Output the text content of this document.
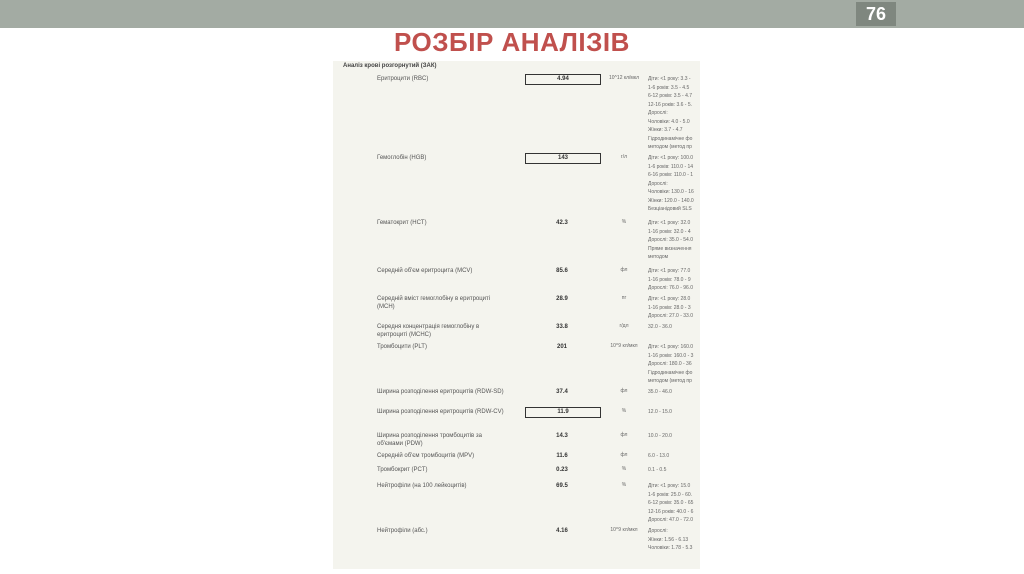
76
РОЗБІР АНАЛІЗІВ
Аналіз крові розгорнутий (ЗАК)
Еритроцити (RBC)	4.94	10^12 кл/мкл Діти: <1 року: 3.3 -
1-6 років: 3.5 - 4.5
6-12 років: 3.5 - 4.7
12-16 років: 3.6 - 5.
Дорослі:
Чоловіки: 4.0 - 5.0
Жінки: 3.7 - 4.7
Гідродинамічне фо
методом (метод пр
Гемоглобін (HGB)	143	г/л	Діти: <1 року: 100.0
1-6 років: 110.0 - 14
6-16 років: 110.0 - 1
Дорослі:
Чоловіки: 130.0 - 16
Жінки: 120.0 - 140.0
Безціанідовий SLS
Гематокрит (HCT)	42.3	%	Діти: <1 року: 32.0
1-16 років: 32.0 - 4
Дорослі: 35.0 - 54.0
Пряме визначення
методом
Середній об'єм еритроцита (MCV)	85.6	фл	Діти: <1 року: 77.0
1-16 років: 78.0 - 9
Дорослі: 76.0 - 96.0
Середній вміст гемоглобіну в еритроциті (MCH)
28.9	пг	Діти: <1 року: 28.0
1-16 років: 28.0 - 3
Дорослі: 27.0 - 33.0
Середня концентрація гемоглобіну в еритроциті (MCHC)
33.8	г/дл	32.0 - 36.0
Тромбоцити (PLT)	201	10^9 кл/мкл Діти: <1 року: 160.0
1-16 років: 160.0 - 3
Дорослі: 180.0 - 36
Гідродинамічне фо
методом (метод пр
Ширина розподілення еритроцитів (RDW-SD)	37.4	фл	35.0 - 46.0
Ширина розподілення еритроцитів (RDW-CV)	11.9	%	12.0 - 15.0
Ширина розподілення тромбоцитів за об'ємами (PDW)
14.3	фл	10.0 - 20.0
Середній об'єм тромбоцитів (MPV)	11.6	фл	6.0 - 13.0
Тромбокрит (PCT)	0.23	%	0.1 - 0.5
Нейтрофіли (на 100 лейкоцитів)	69.5	%	Діти: <1 року: 15.0
1-6 років: 25.0 - 60.
6-12 років: 35.0 - 65
12-16 років: 40.0 - 6
Дорослі: 47.0 - 72.0
Нейтрофіли (абс.)	4.16	10^9 кл/мкл Дорослі:
Жінки: 1.56 - 6.13
Чоловіки: 1.78 - 5.3
